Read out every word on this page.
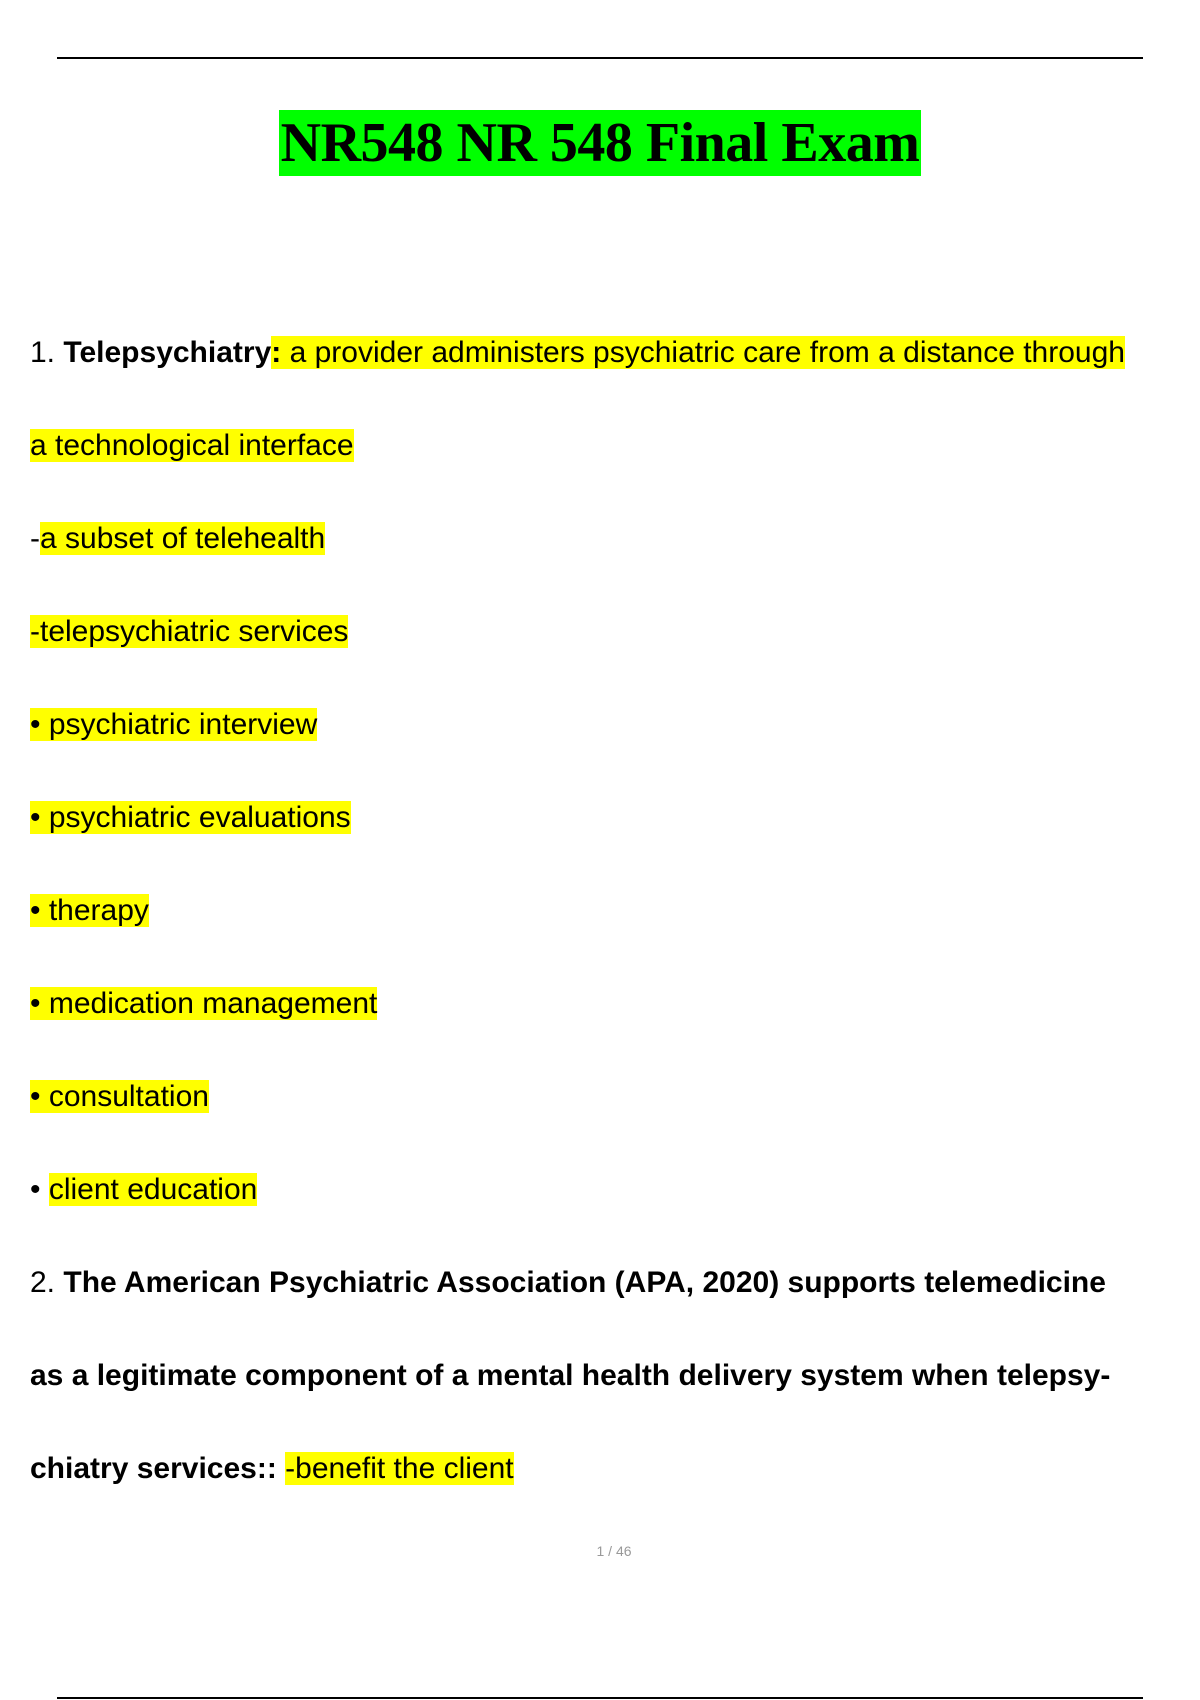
NR548 NR 548 Final Exam
1. Telepsychiatry: a provider administers psychiatric care from a distance through
a technological interface
-a subset of telehealth
-telepsychiatric services
• psychiatric interview
• psychiatric evaluations
• therapy
• medication management
• consultation
• client education
2. The American Psychiatric Association (APA, 2020) supports telemedicine
as a legitimate component of a mental health delivery system when telepsy-
chiatry services:: -benefit the client
1 / 46
